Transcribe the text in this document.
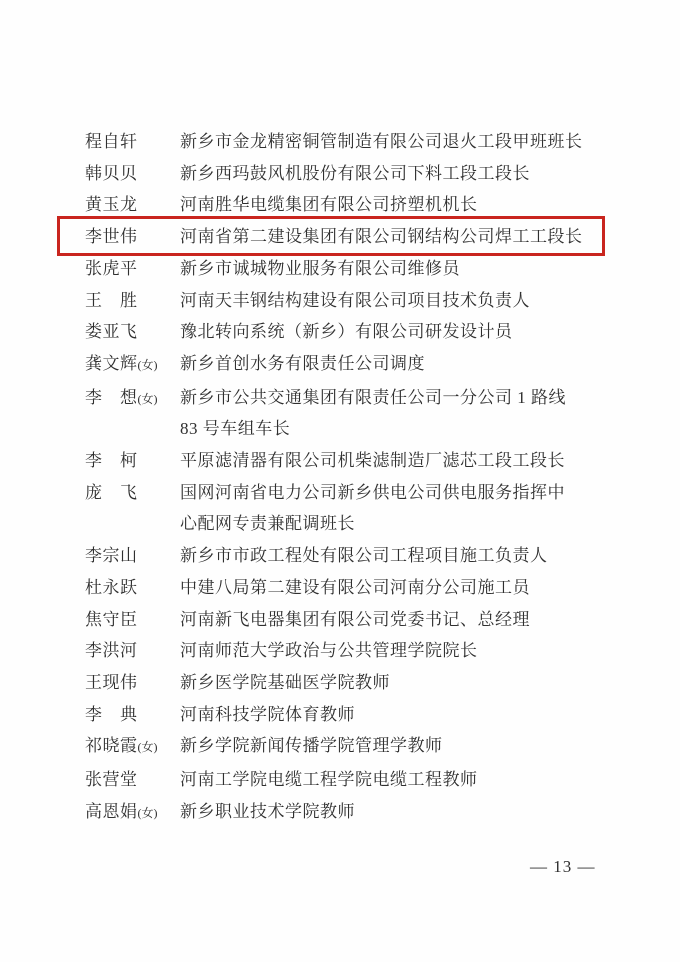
程自轩	新乡市金龙精密铜管制造有限公司退火工段甲班班长
韩贝贝	新乡西玛鼓风机股份有限公司下料工段工段长
黄玉龙	河南胜华电缆集团有限公司挤塑机机长
李世伟	河南省第二建设集团有限公司钢结构公司焊工工段长
张虎平	新乡市诚城物业服务有限公司维修员
王　胜	河南天丰钢结构建设有限公司项目技术负责人
娄亚飞	豫北转向系统（新乡）有限公司研发设计员
龚文辉(女)	新乡首创水务有限责任公司调度
李　想(女)	新乡市公共交通集团有限责任公司一分公司 1 路线
83 号车组车长
李　柯	平原滤清器有限公司机柴滤制造厂滤芯工段工段长
庞　飞	国网河南省电力公司新乡供电公司供电服务指挥中
心配网专责兼配调班长
李宗山	新乡市市政工程处有限公司工程项目施工负责人
杜永跃	中建八局第二建设有限公司河南分公司施工员
焦守臣	河南新飞电器集团有限公司党委书记、总经理
李洪河	河南师范大学政治与公共管理学院院长
王现伟	新乡医学院基础医学院教师
李　典	河南科技学院体育教师
祁晓霞(女)	新乡学院新闻传播学院管理学教师
张营堂	河南工学院电缆工程学院电缆工程教师
高恩娟(女)	新乡职业技术学院教师
— 13 —
